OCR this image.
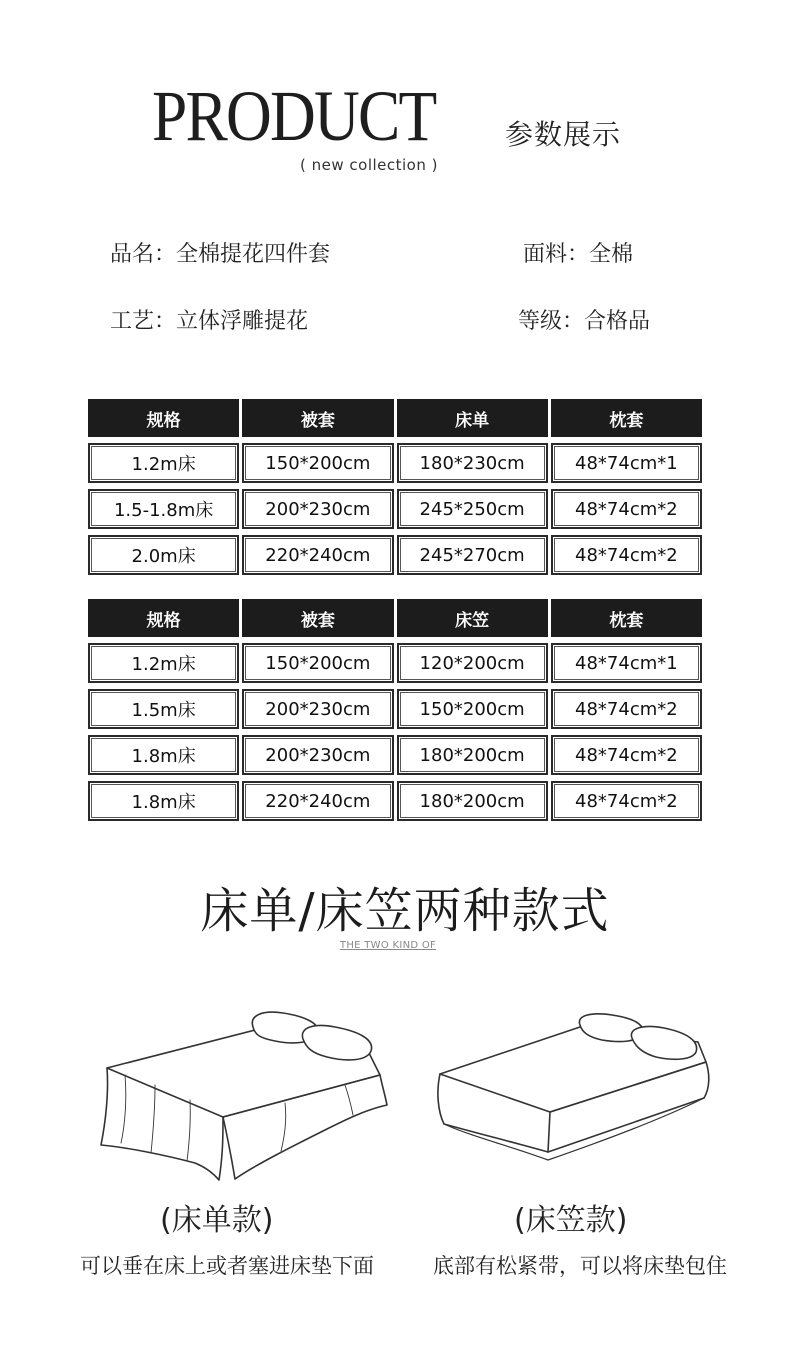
PRODUCT
( new collection )
参数展示
品名：全棉提花四件套	面料：全棉
工艺：立体浮雕提花	等级：合格品
规格	被套	床单	枕套
1.2m床	150*200cm	180*230cm	48*74cm*1
1.5-1.8m床	200*230cm	245*250cm	48*74cm*2
2.0m床	220*240cm	245*270cm	48*74cm*2
规格	被套	床笠	枕套
1.2m床	150*200cm	120*200cm	48*74cm*1
1.5m床	200*230cm	150*200cm	48*74cm*2
1.8m床	200*230cm	180*200cm	48*74cm*2
1.8m床	220*240cm	180*200cm	48*74cm*2
床单/床笠两种款式
THE TWO KIND OF
(床单款)	(床笠款)
可以垂在床上或者塞进床垫下面	底部有松紧带，可以将床垫包住
